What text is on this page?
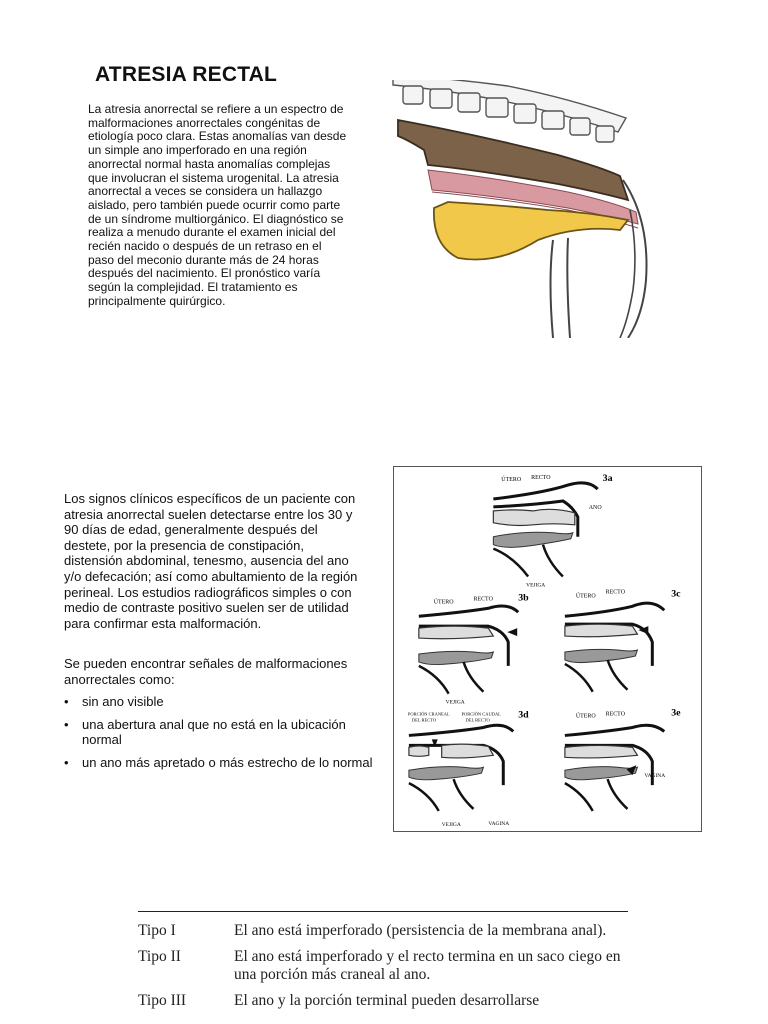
ATRESIA RECTAL

La atresia anorrectal se refiere a un espectro de malformaciones anorrectales congénitas de etiología poco clara. Estas anomalías van desde un simple ano imperforado en una región anorrectal normal hasta anomalías complejas que involucran el sistema urogenital. La atresia anorrectal a veces se considera un hallazgo aislado, pero también puede ocurrir como parte de un síndrome multiorgánico. El diagnóstico se realiza a menudo durante el examen inicial del recién nacido o después de un retraso en el paso del meconio durante más de 24 horas después del nacimiento. El pronóstico varía según la complejidad. El tratamiento es principalmente quirúrgico.

Los signos clínicos específicos de un paciente con atresia anorrectal suelen detectarse entre los 30 y 90 días de edad, generalmente después del destete, por la presencia de constipación, distensión abdominal, tenesmo, ausencia del ano y/o defecación; así como abultamiento de la región perineal. Los estudios radiográficos simples o con medio de contraste positivo suelen ser de utilidad para confirmar esta malformación.

Se pueden encontrar señales de malformaciones anorrectales como:

• sin ano visible
• una abertura anal que no está en la ubicación normal
• un ano más apretado o más estrecho de lo normal
3a
ÚTERO RECTO
ANO
VEJIGA
3b
ÚTERO	RECTO
VEJIGA
3c
ÚTERO
RECTO
3d
PORCIÓN CRANEAL
DEL RECTO
PORCIÓN CAUDAL
DEL RECTO
VEJIGA	VAGINA
3e
ÚTERO RECTO
VAGINA
Tipo I	El ano está imperforado (persistencia de la membrana anal).
Tipo II	El ano está imperforado y el recto termina en un saco ciego en una porción más craneal al ano.
Tipo III	El ano y la porción terminal pueden desarrollarse
